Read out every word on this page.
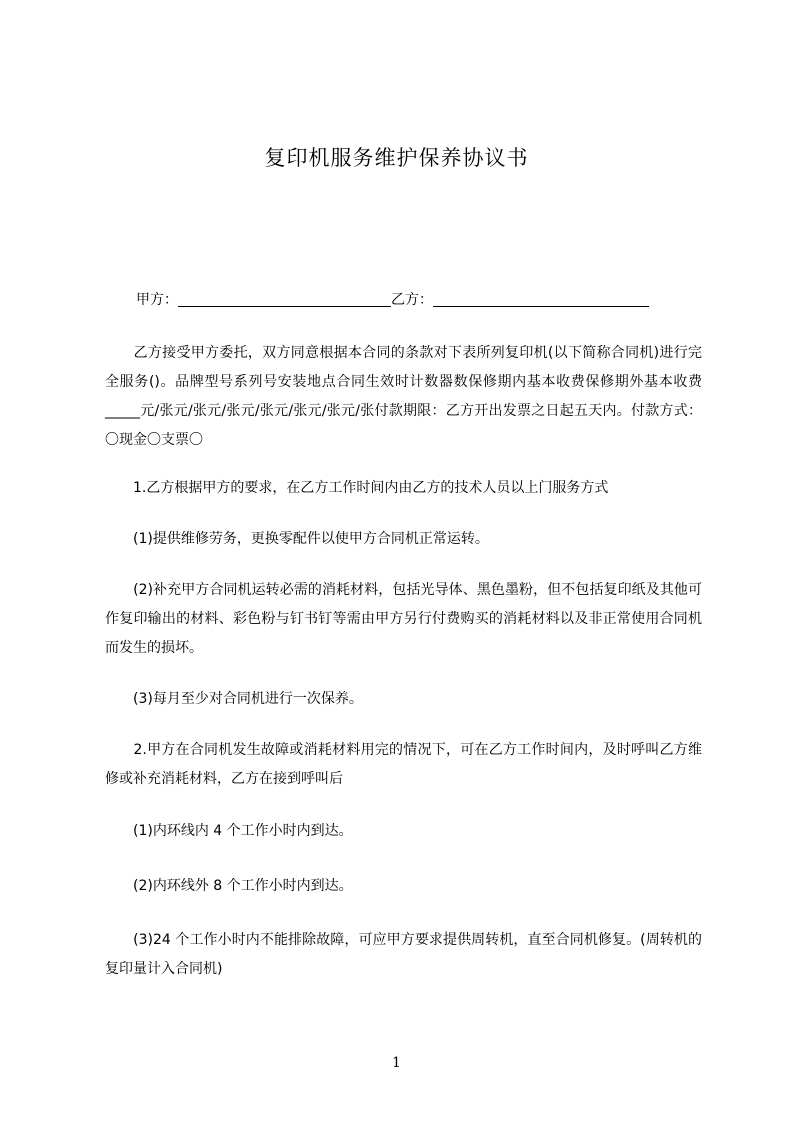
复印机服务维护保养协议书
甲方：	乙方：

　　乙方接受甲方委托，双方同意根据本合同的条款对下表所列复印机(以下简称合同机)进行完全服务()。品牌型号系列号安装地点合同生效时计数器数保修期内基本收费保修期外基本收费_____元/张元/张元/张元/张元/张元/张元/张付款期限：乙方开出发票之日起五天内。付款方式：〇现金〇支票〇

　　1.乙方根据甲方的要求，在乙方工作时间内由乙方的技术人员以上门服务方式

　　(1)提供维修劳务，更换零配件以使甲方合同机正常运转。

　　(2)补充甲方合同机运转必需的消耗材料，包括光导体、黑色墨粉，但不包括复印纸及其他可作复印输出的材料、彩色粉与钉书钉等需由甲方另行付费购买的消耗材料以及非正常使用合同机而发生的损坏。

　　(3)每月至少对合同机进行一次保养。

　　2.甲方在合同机发生故障或消耗材料用完的情况下，可在乙方工作时间内，及时呼叫乙方维修或补充消耗材料，乙方在接到呼叫后

　　(1)内环线内 4 个工作小时内到达。

　　(2)内环线外 8 个工作小时内到达。

　　(3)24 个工作小时内不能排除故障，可应甲方要求提供周转机，直至合同机修复。(周转机的复印量计入合同机)

1
